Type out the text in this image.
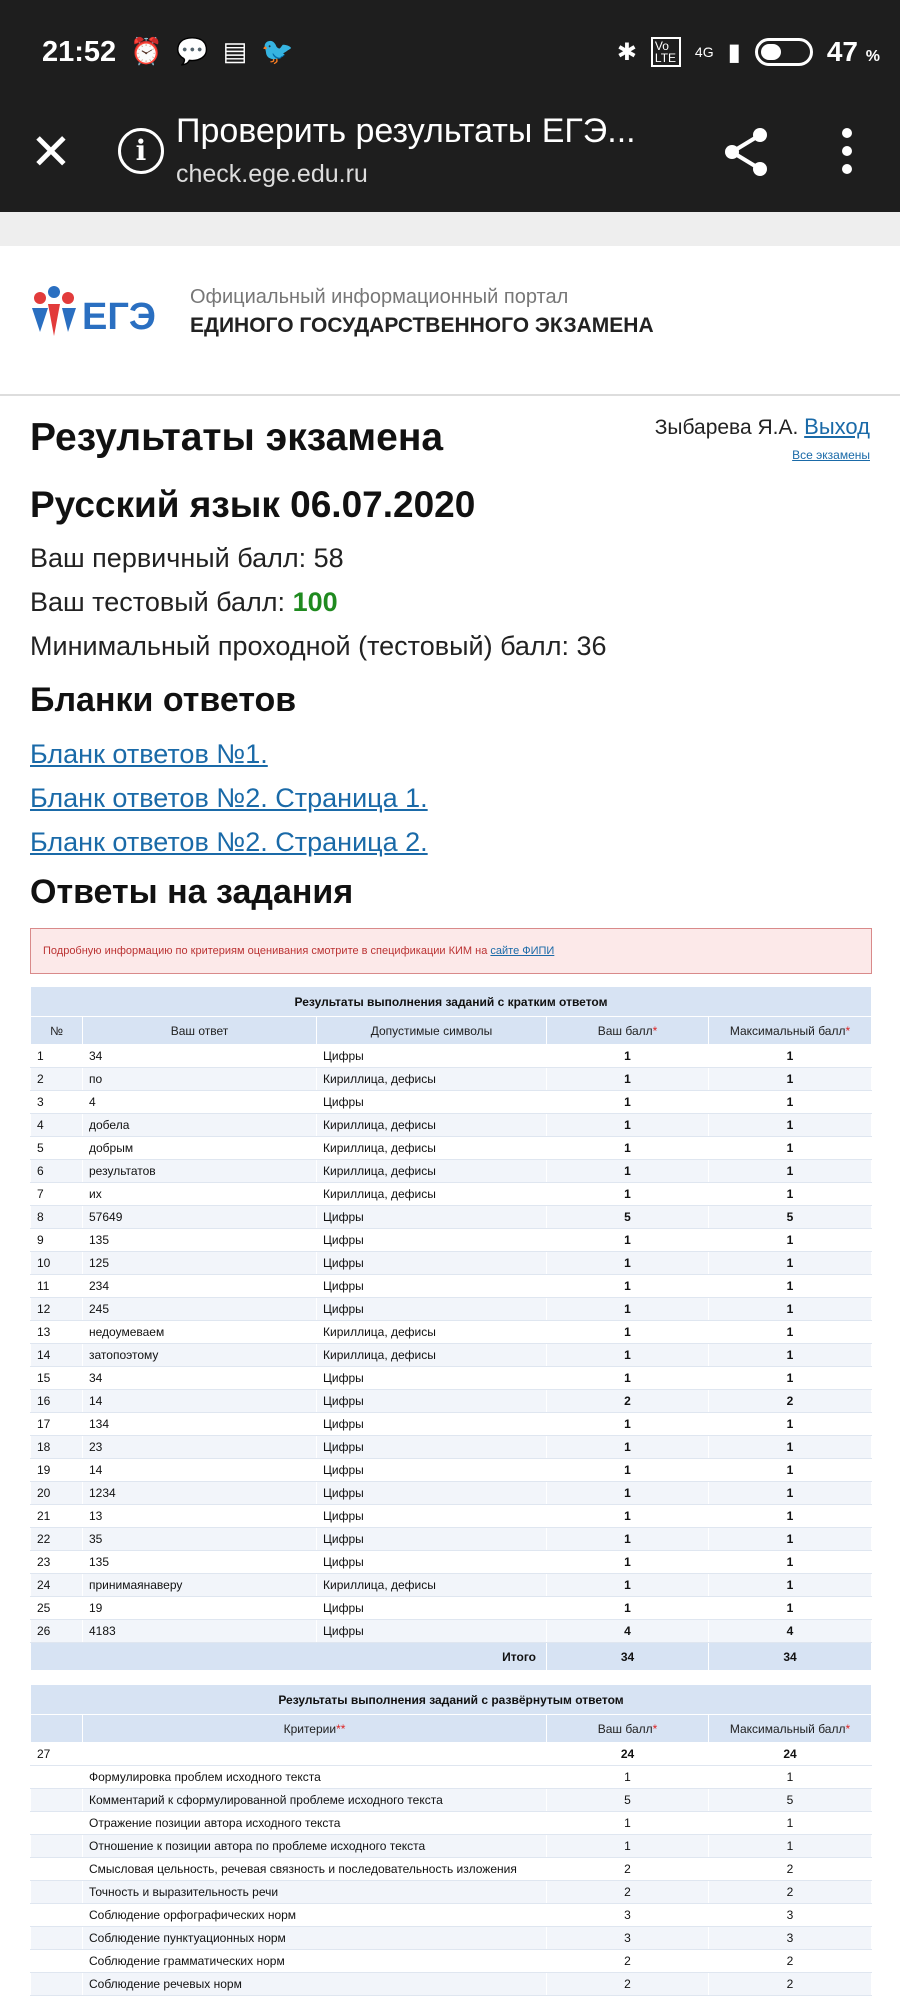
21:52 ⏰ 💬 ▤ 🐦	✱	Vo LTE	4G ▮	47 %
✕	i
Проверить результаты ЕГЭ...
check.ege.edu.ru
ЕГЭ Официальный информационный портал
ЕДИНОГО ГОСУДАРСТВЕННОГО ЭКЗАМЕНА
Зыбарева Я.А. Выход
Все экзамены
Результаты экзамена
Русский язык 06.07.2020
Ваш первичный балл: 58
Ваш тестовый балл: 100
Минимальный проходной (тестовый) балл: 36
Бланки ответов
Бланк ответов №1.
Бланк ответов №2. Страница 1.
Бланк ответов №2. Страница 2.
Ответы на задания
Подробную информацию по критериям оценивания смотрите в спецификации КИМ на сайте ФИПИ
Результаты выполнения заданий с кратким ответом				
№	Ваш ответ	Допустимые символы	Ваш балл*	Максимальный балл*
1	34	Цифры	1	1
2	по	Кириллица, дефисы	1	1
3	4	Цифры	1	1
4	добела	Кириллица, дефисы	1	1
5	добрым	Кириллица, дефисы	1	1
6	результатов	Кириллица, дефисы	1	1
7	их	Кириллица, дефисы	1	1
8	57649	Цифры	5	5
9	135	Цифры	1	1
10	125	Цифры	1	1
11	234	Цифры	1	1
12	245	Цифры	1	1
13	недоумеваем	Кириллица, дефисы	1	1
14	затопоэтому	Кириллица, дефисы	1	1
15	34	Цифры	1	1
16	14	Цифры	2	2
17	134	Цифры	1	1
18	23	Цифры	1	1
19	14	Цифры	1	1
20	1234	Цифры	1	1
21	13	Цифры	1	1
22	35	Цифры	1	1
23	135	Цифры	1	1
24	принимаянаверу	Кириллица, дефисы	1	1
25	19	Цифры	1	1
26	4183	Цифры	4	4
Итого			34	34
Результаты выполнения заданий с развёрнутым ответом			
	Критерии**	Ваш балл*	Максимальный балл*
27		24	24
	Формулировка проблем исходного текста	1	1
	Комментарий к сформулированной проблеме исходного текста	5	5
	Отражение позиции автора исходного текста	1	1
	Отношение к позиции автора по проблеме исходного текста	1	1
	Смысловая цельность, речевая связность и последовательность изложения	2	2
	Точность и выразительность речи	2	2
	Соблюдение орфографических норм	3	3
	Соблюдение пунктуационных норм	3	3
	Соблюдение грамматических норм	2	2
	Соблюдение речевых норм	2	2
